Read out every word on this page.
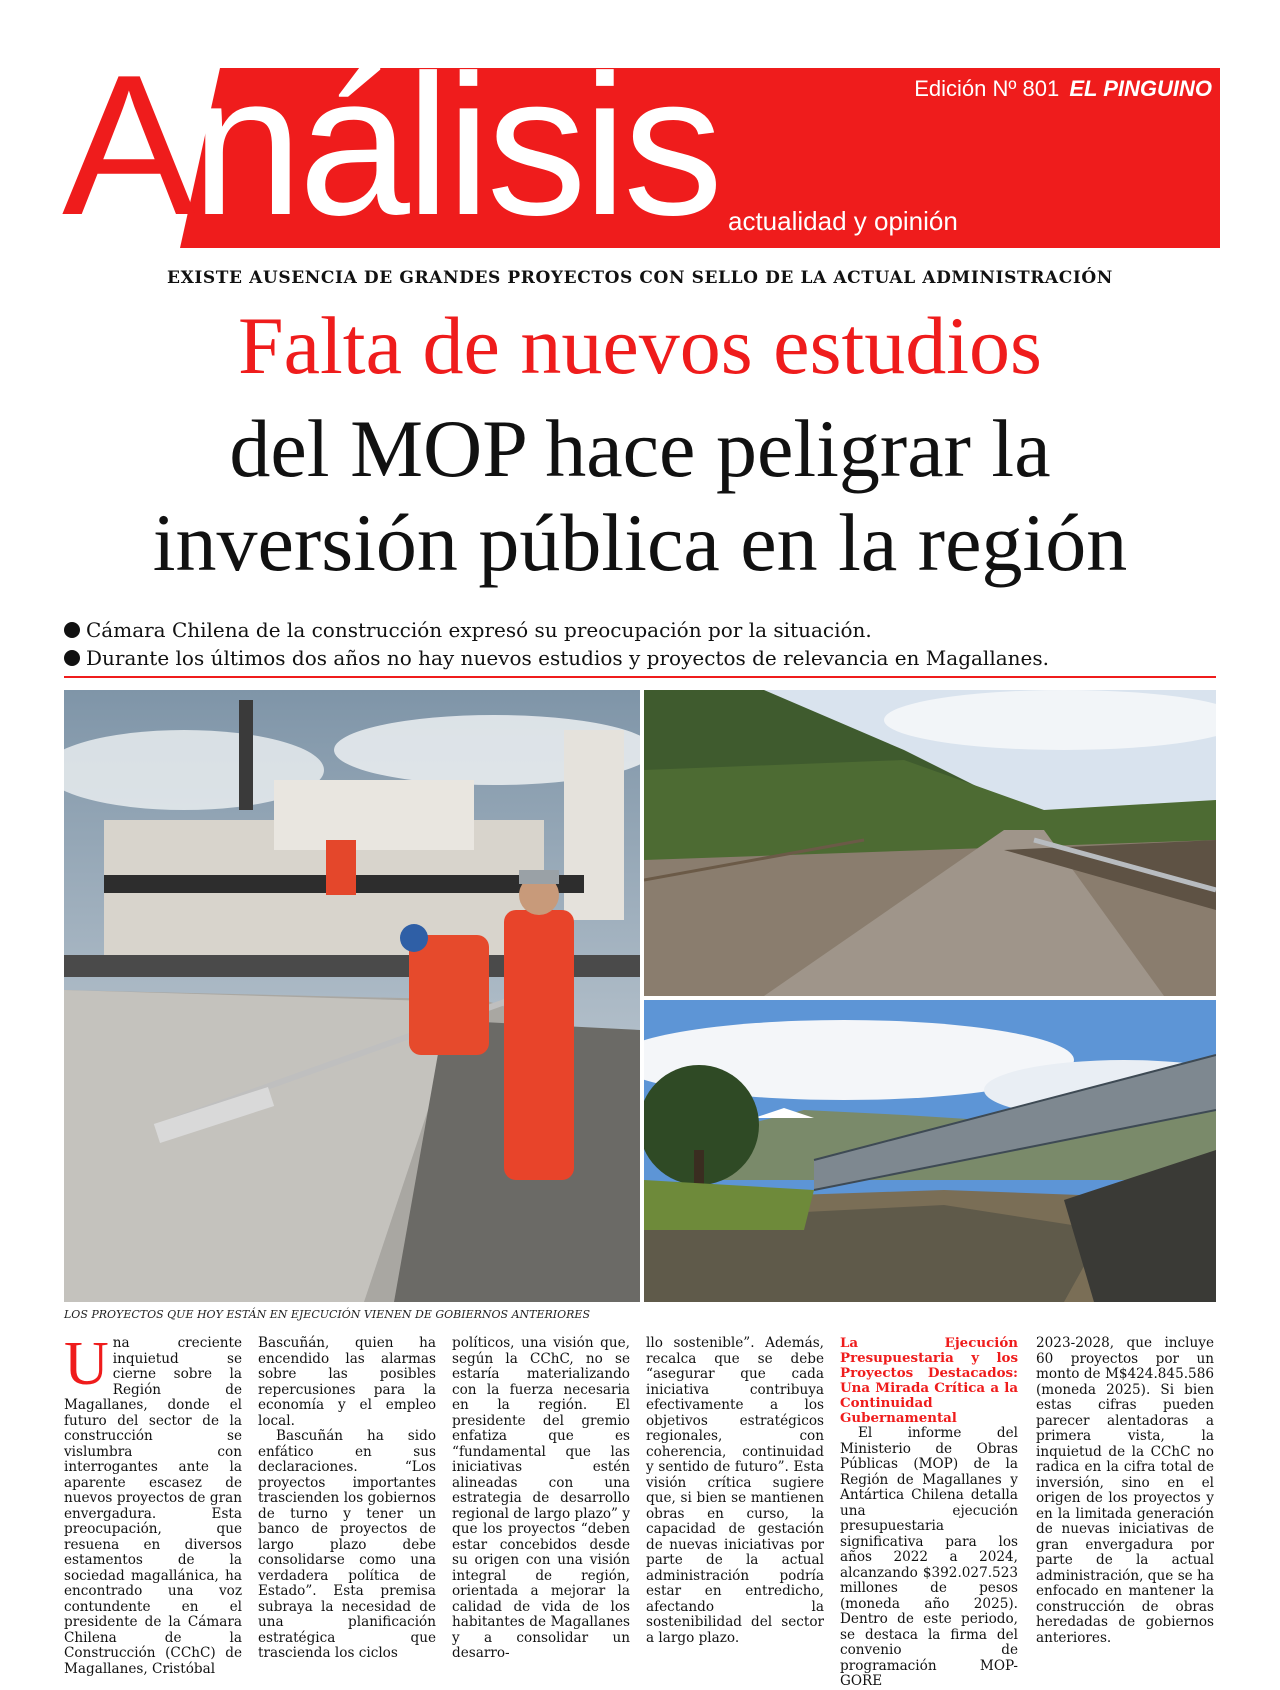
Análisis	Edición Nº 801 EL PINGUINO
actualidad y opinión
EXISTE AUSENCIA DE GRANDES PROYECTOS CON SELLO DE LA ACTUAL ADMINISTRACIÓN
Falta de nuevos estudios
del MOP hace peligrar la
inversión pública en la región
Cámara Chilena de la construcción expresó su preocupación por la situación.
Durante los últimos dos años no hay nuevos estudios y proyectos de relevancia en Magallanes.
LOS PROYECTOS QUE HOY ESTÁN EN EJECUCIÓN VIENEN DE GOBIERNOS ANTERIORES
U na creciente inquietud se cierne sobre la Región de Magallanes, donde el futuro del sector de la construcción se vislumbra con interrogantes ante la aparente escasez de nuevos proyectos de gran envergadura. Esta preocupación, que resuena en diversos estamentos de la sociedad magallánica, ha encontrado una voz contundente en el presidente de la Cámara Chilena de la Construcción (CChC) de Magallanes, Cristóbal

Bascuñán, quien ha encendido las alarmas sobre las posibles repercusiones para la economía y el empleo local.

Bascuñán ha sido enfático en sus declaraciones. “Los proyectos importantes trascienden los gobiernos de turno y tener un banco de proyectos de largo plazo debe consolidarse como una verdadera política de Estado”. Esta premisa subraya la necesidad de una planificación estratégica que trascienda los ciclos

políticos, una visión que, según la CChC, no se estaría materializando con la fuerza necesaria en la región. El presidente del gremio enfatiza que es “fundamental que las iniciativas estén alineadas con una estrategia de desarrollo regional de largo plazo” y que los proyectos “deben estar concebidos desde su origen con una visión integral de región, orientada a mejorar la calidad de vida de los habitantes de Magallanes y a consolidar un desarro-

llo sostenible”. Además, recalca que se debe “asegurar que cada iniciativa contribuya efectivamente a los objetivos estratégicos regionales, con coherencia, continuidad y sentido de futuro”. Esta visión crítica sugiere que, si bien se mantienen obras en curso, la capacidad de gestación de nuevas iniciativas por parte de la actual administración podría estar en entredicho, afectando la sostenibilidad del sector a largo plazo.

La Ejecución Presupuestaria y los Proyectos Destacados: Una Mirada Crítica a la Continuidad Gubernamental

El informe del Ministerio de Obras Públicas (MOP) de la Región de Magallanes y Antártica Chilena detalla una ejecución presupuestaria significativa para los años 2022 a 2024, alcanzando $392.027.523 millones de pesos (moneda año 2025). Dentro de este periodo, se destaca la firma del convenio de programación MOP-GORE

2023-2028, que incluye 60 proyectos por un monto de M$424.845.586 (moneda 2025). Si bien estas cifras pueden parecer alentadoras a primera vista, la inquietud de la CChC no radica en la cifra total de inversión, sino en el origen de los proyectos y en la limitada generación de nuevas iniciativas de gran envergadura por parte de la actual administración, que se ha enfocado en mantener la construcción de obras heredadas de gobiernos anteriores.
